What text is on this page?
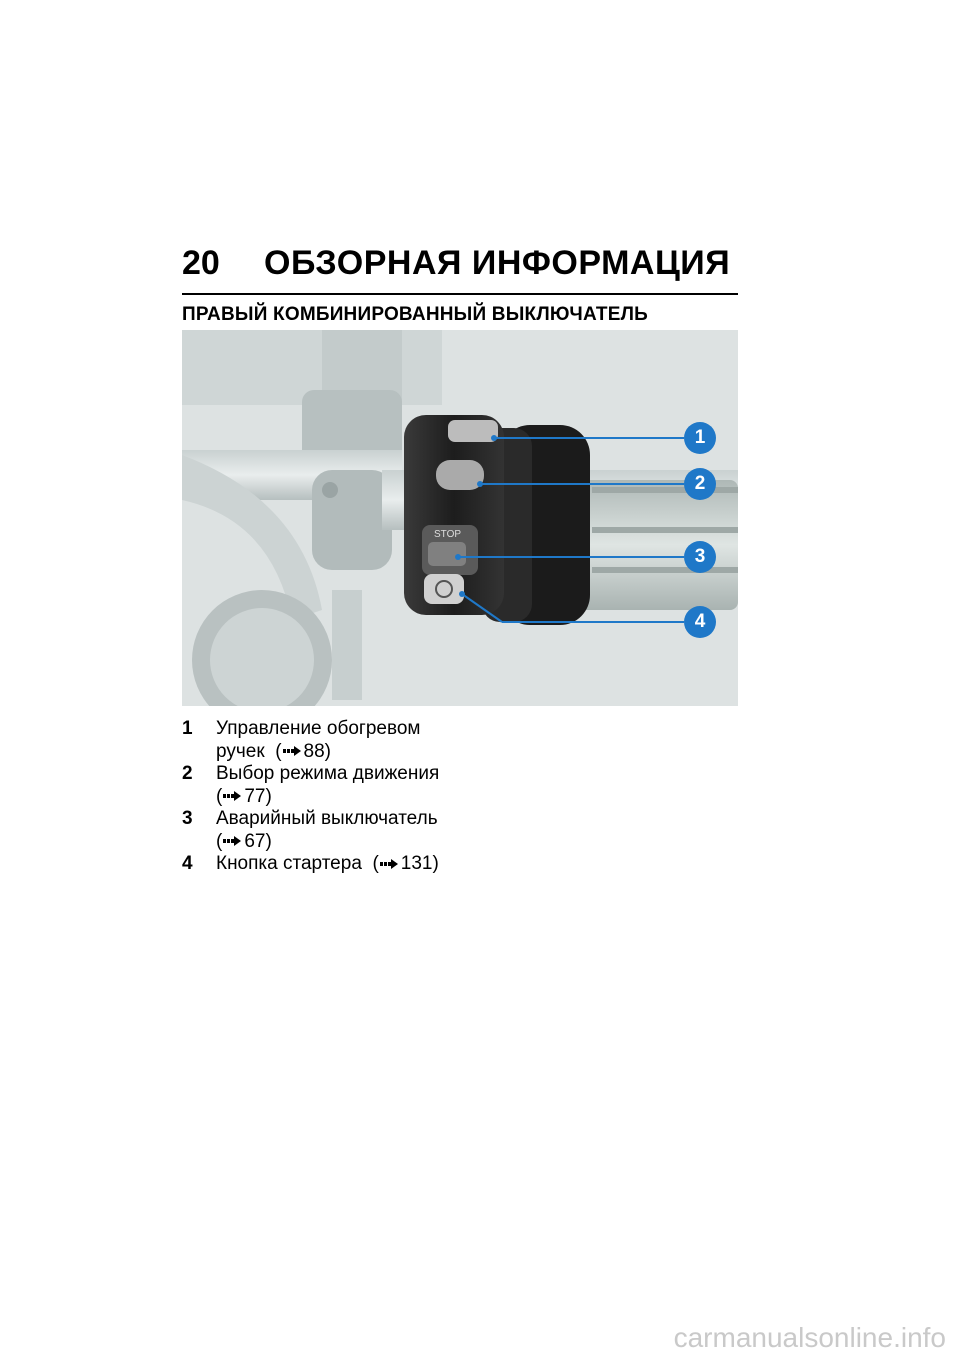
20	ОБЗОРНАЯ ИНФОРМАЦИЯ
ПРАВЫЙ КОМБИНИРОВАННЫЙ ВЫКЛЮЧАТЕЛЬ
STOP
1
2
3
4
1	Управление обогревом
ручек  ( 88)
2	Выбор режима движения
( 77)
3	Аварийный выключатель
( 67)
4	Кнопка стартера  ( 131)
carmanualsonline.info
